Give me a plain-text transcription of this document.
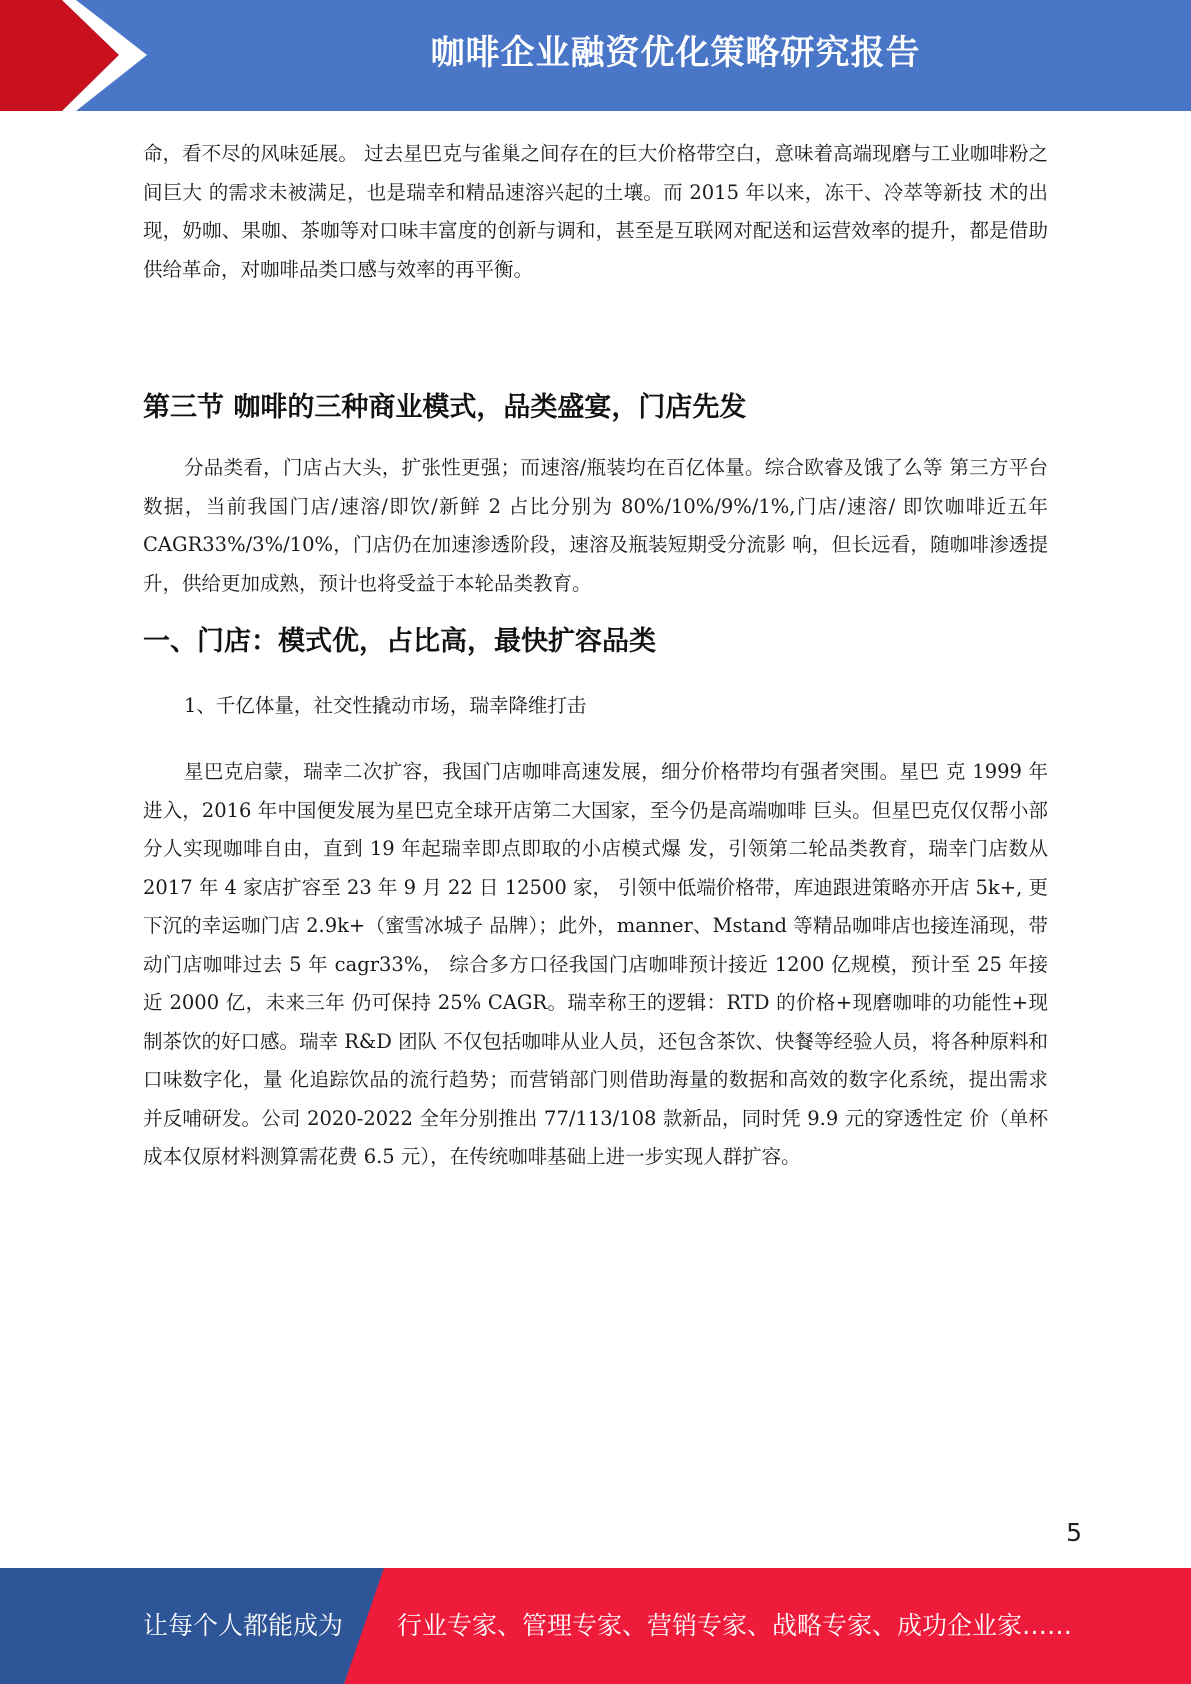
咖啡企业融资优化策略研究报告

命，看不尽的风味延展。 过去星巴克与雀巢之间存在的巨大价格带空白，意味着高端现磨与工业咖啡粉之间巨大 的需求未被满足，也是瑞幸和精品速溶兴起的土壤。而 2015 年以来，冻干、冷萃等新技 术的出现，奶咖、果咖、茶咖等对口味丰富度的创新与调和，甚至是互联网对配送和运营效率的提升，都是借助供给革命，对咖啡品类口感与效率的再平衡。

第三节 咖啡的三种商业模式，品类盛宴，门店先发

分品类看，门店占大头，扩张性更强；而速溶/瓶装均在百亿体量。综合欧睿及饿了么等 第三方平台数据，当前我国门店/速溶/即饮/新鲜 2 占比分别为 80%/10%/9%/1%,门店/速溶/ 即饮咖啡近五年 CAGR33%/3%/10%，门店仍在加速渗透阶段，速溶及瓶装短期受分流影 响，但长远看，随咖啡渗透提升，供给更加成熟，预计也将受益于本轮品类教育。

一、门店：模式优，占比高，最快扩容品类

1、千亿体量，社交性撬动市场，瑞幸降维打击

星巴克启蒙，瑞幸二次扩容，我国门店咖啡高速发展，细分价格带均有强者突围。星巴 克 1999 年进入，2016 年中国便发展为星巴克全球开店第二大国家，至今仍是高端咖啡 巨头。但星巴克仅仅帮小部分人实现咖啡自由，直到 19 年起瑞幸即点即取的小店模式爆 发，引领第二轮品类教育，瑞幸门店数从 2017 年 4 家店扩容至 23 年 9 月 22 日 12500 家， 引领中低端价格带，库迪跟进策略亦开店 5k+, 更下沉的幸运咖门店 2.9k+（蜜雪冰城子 品牌）；此外，manner、Mstand 等精品咖啡店也接连涌现，带动门店咖啡过去 5 年 cagr33%， 综合多方口径我国门店咖啡预计接近 1200 亿规模，预计至 25 年接近 2000 亿，未来三年 仍可保持 25% CAGR。瑞幸称王的逻辑：RTD 的价格+现磨咖啡的功能性+现制茶饮的好口感。瑞幸 R&D 团队 不仅包括咖啡从业人员，还包含茶饮、快餐等经验人员，将各种原料和口味数字化，量 化追踪饮品的流行趋势；而营销部门则借助海量的数据和高效的数字化系统，提出需求 并反哺研发。公司 2020-2022 全年分别推出 77/113/108 款新品，同时凭 9.9 元的穿透性定 价（单杯成本仅原材料测算需花费 6.5 元），在传统咖啡基础上进一步实现人群扩容。

5
让每个人都能成为 行业专家、管理专家、营销专家、战略专家、成功企业家……
